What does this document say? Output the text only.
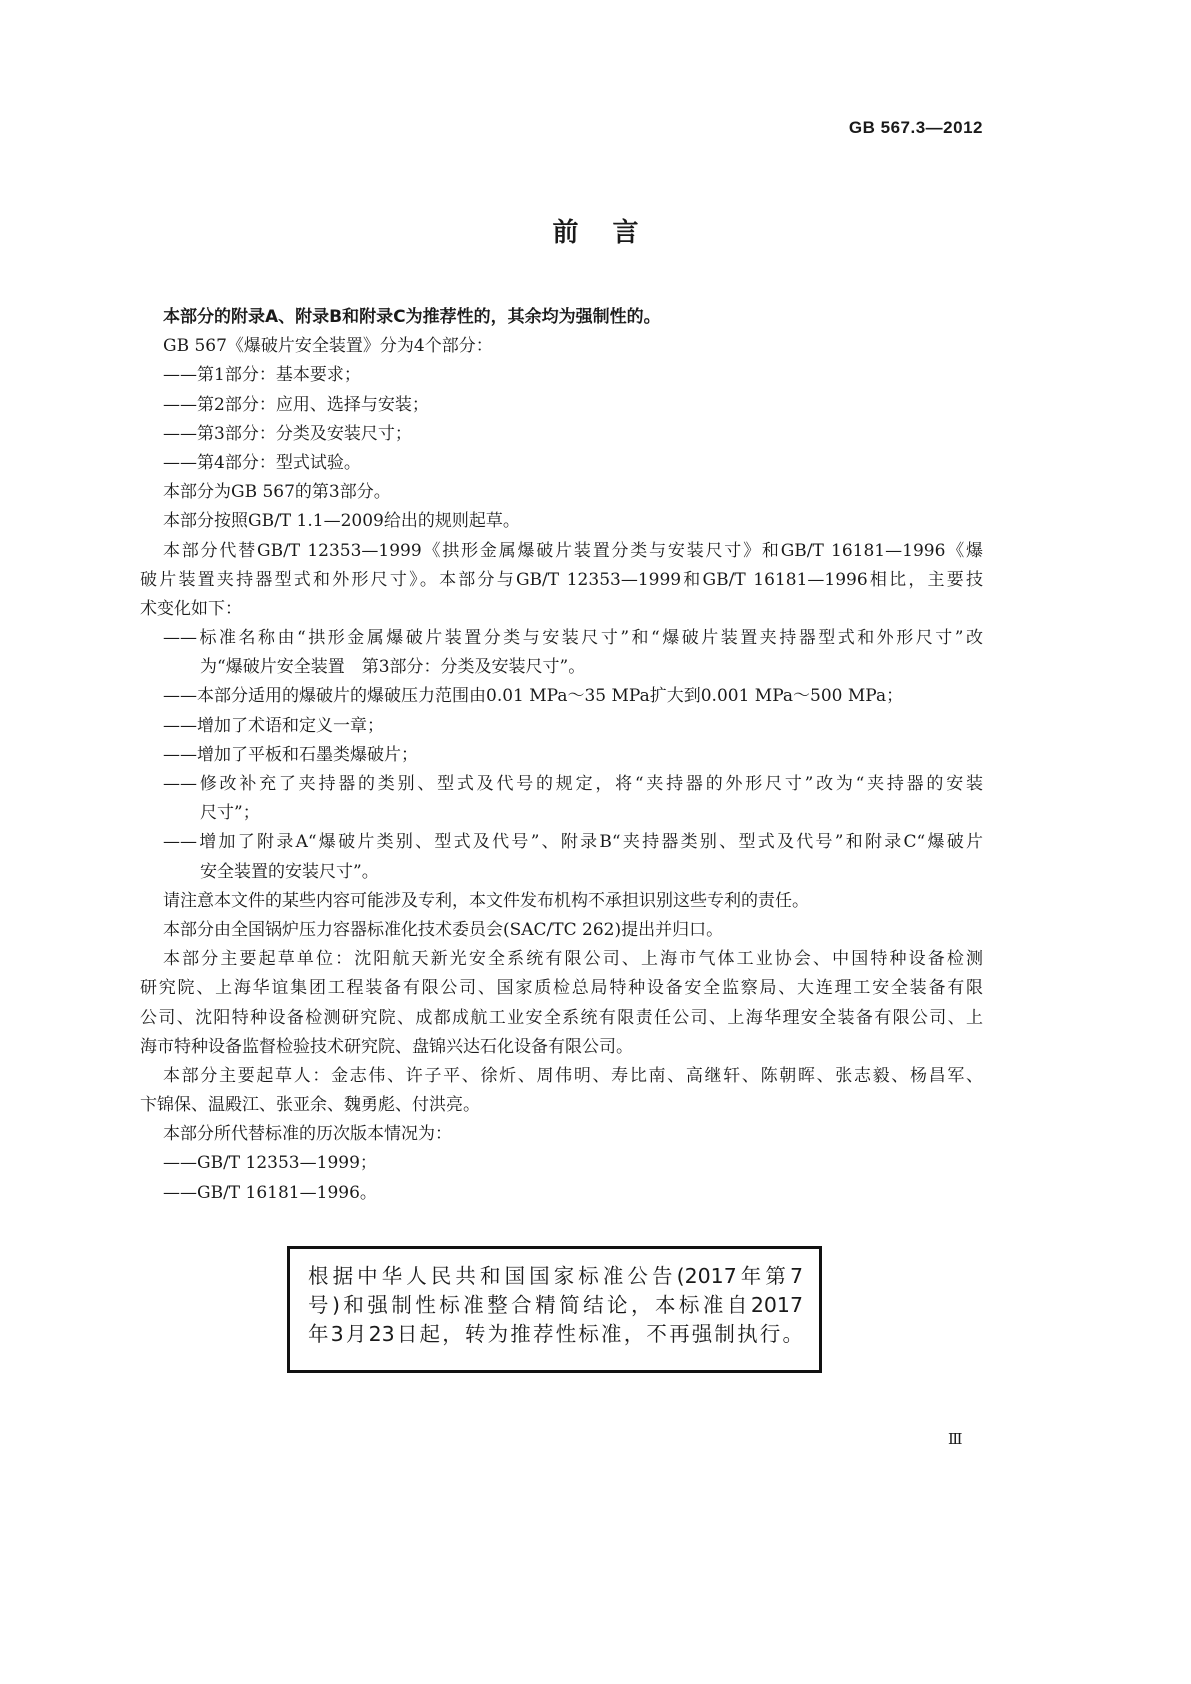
GB 567.3—2012
前言
本部分的附录A、附录B和附录C为推荐性的，其余均为强制性的。
GB 567《爆破片安全装置》分为4个部分：
——第1部分：基本要求；
——第2部分：应用、选择与安装；
——第3部分：分类及安装尺寸；
——第4部分：型式试验。
本部分为GB 567的第3部分。
本部分按照GB/T 1.1—2009给出的规则起草。
本部分代替GB/T 12353—1999《拱形金属爆破片装置分类与安装尺寸》和GB/T 16181—1996《爆
破片装置夹持器型式和外形尺寸》。本部分与GB/T 12353—1999和GB/T 16181—1996相比，主要技
术变化如下：
——标准名称由“拱形金属爆破片装置分类与安装尺寸”和“爆破片装置夹持器型式和外形尺寸”改
为“爆破片安全装置　第3部分：分类及安装尺寸”。
——本部分适用的爆破片的爆破压力范围由0.01 MPa～35 MPa扩大到0.001 MPa～500 MPa；
——增加了术语和定义一章；
——增加了平板和石墨类爆破片；
——修改补充了夹持器的类别、型式及代号的规定，将“夹持器的外形尺寸”改为“夹持器的安装
尺寸”；
——增加了附录A“爆破片类别、型式及代号”、附录B“夹持器类别、型式及代号”和附录C“爆破片
安全装置的安装尺寸”。
请注意本文件的某些内容可能涉及专利，本文件发布机构不承担识别这些专利的责任。
本部分由全国锅炉压力容器标准化技术委员会(SAC/TC 262)提出并归口。
本部分主要起草单位：沈阳航天新光安全系统有限公司、上海市气体工业协会、中国特种设备检测
研究院、上海华谊集团工程装备有限公司、国家质检总局特种设备安全监察局、大连理工安全装备有限
公司、沈阳特种设备检测研究院、成都成航工业安全系统有限责任公司、上海华理安全装备有限公司、上
海市特种设备监督检验技术研究院、盘锦兴达石化设备有限公司。
本部分主要起草人：金志伟、许子平、徐炘、周伟明、寿比南、高继轩、陈朝晖、张志毅、杨昌军、
卞锦保、温殿江、张亚余、魏勇彪、付洪亮。
本部分所代替标准的历次版本情况为：
——GB/T 12353—1999；
——GB/T 16181—1996。
根据中华人民共和国国家标准公告(2017年第7
号)和强制性标准整合精简结论，本标准自2017
年3月23日起，转为推荐性标准，不再强制执行。
Ⅲ
